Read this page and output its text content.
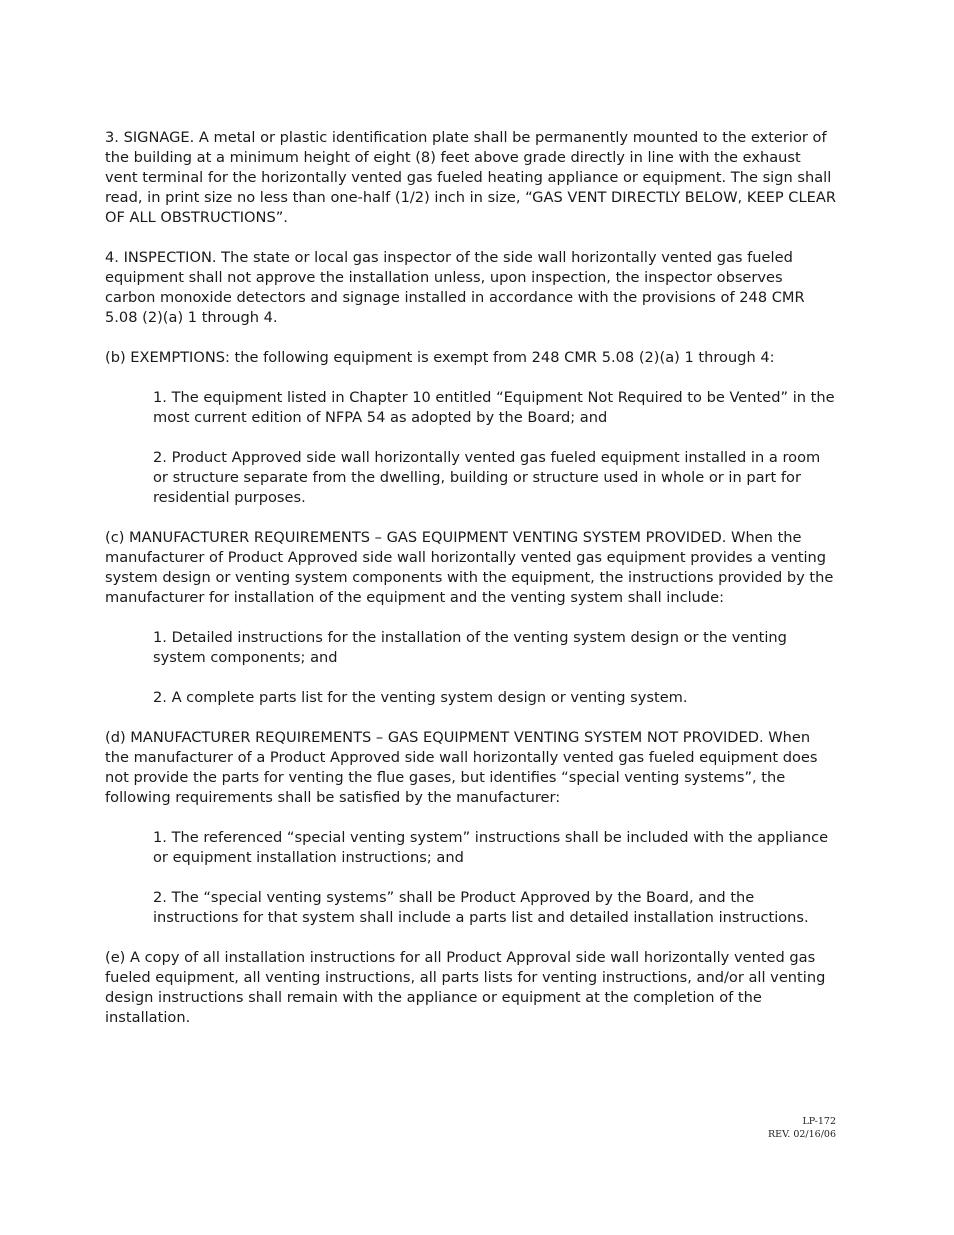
3. SIGNAGE. A metal or plastic identification plate shall be permanently mounted to the exterior of the building at a minimum height of eight (8) feet above grade directly in line with the exhaust vent terminal for the horizontally vented gas fueled heating appliance or equipment. The sign shall read, in print size no less than one-half (1/2) inch in size, “GAS VENT DIRECTLY BELOW, KEEP CLEAR OF ALL OBSTRUCTIONS”.

4. INSPECTION. The state or local gas inspector of the side wall horizontally vented gas fueled equipment shall not approve the installation unless, upon inspection, the inspector observes carbon monoxide detectors and signage installed in accordance with the provisions of 248 CMR 5.08 (2)(a) 1 through 4.

(b) EXEMPTIONS: the following equipment is exempt from 248 CMR 5.08 (2)(a) 1 through 4:

1. The equipment listed in Chapter 10 entitled “Equipment Not Required to be Vented” in the most current edition of NFPA 54 as adopted by the Board; and

2. Product Approved side wall horizontally vented gas fueled equipment installed in a room or structure separate from the dwelling, building or structure used in whole or in part for residential purposes.

(c) MANUFACTURER REQUIREMENTS – GAS EQUIPMENT VENTING SYSTEM PROVIDED. When the manufacturer of Product Approved side wall horizontally vented gas equipment provides a venting system design or venting system components with the equipment, the instructions provided by the manufacturer for installation of the equipment and the venting system shall include:

1. Detailed instructions for the installation of the venting system design or the venting system components; and

2. A complete parts list for the venting system design or venting system.

(d) MANUFACTURER REQUIREMENTS – GAS EQUIPMENT VENTING SYSTEM NOT PROVIDED. When the manufacturer of a Product Approved side wall horizontally vented gas fueled equipment does not provide the parts for venting the flue gases, but identifies “special venting systems”, the following requirements shall be satisfied by the manufacturer:

1. The referenced “special venting system” instructions shall be included with the appliance or equipment installation instructions; and

2. The “special venting systems” shall be Product Approved by the Board, and the instructions for that system shall include a parts list and detailed installation instructions.

(e) A copy of all installation instructions for all Product Approval side wall horizontally vented gas fueled equipment, all venting instructions, all parts lists for venting instructions, and/or all venting design instructions shall remain with the appliance or equipment at the completion of the installation.

LP-172
REV. 02/16/06
